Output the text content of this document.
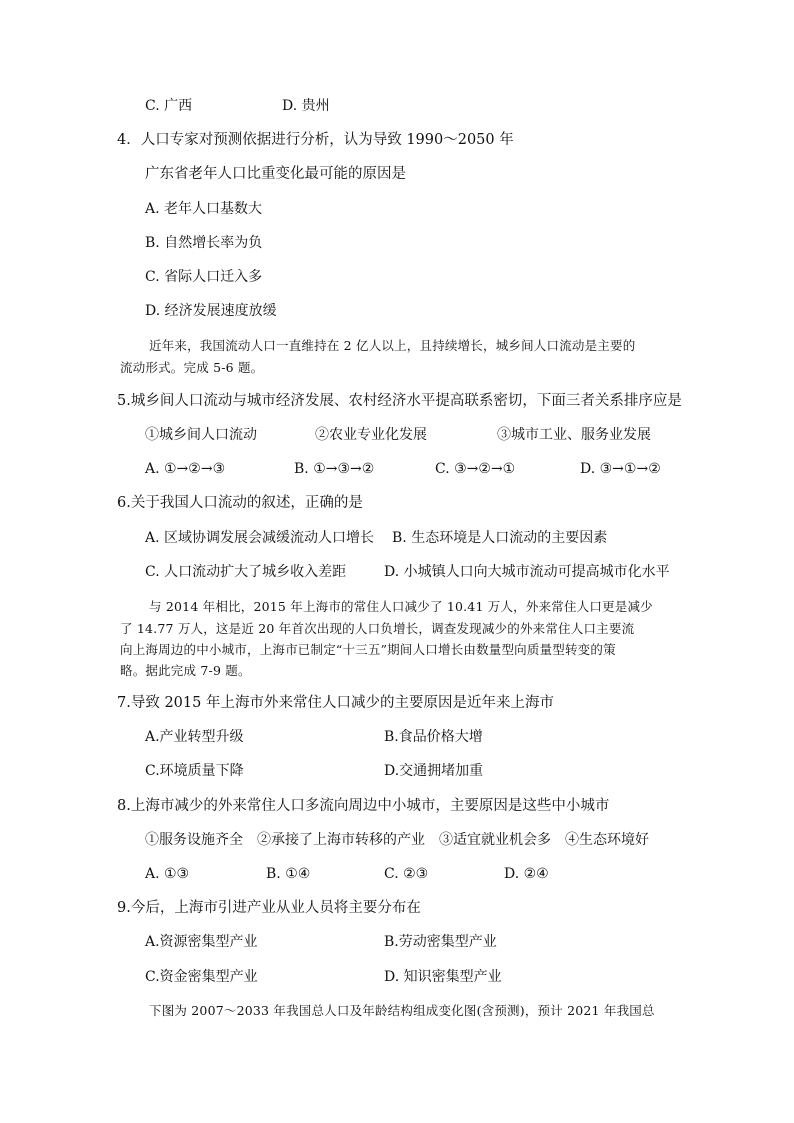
C. 广西	D. 贵州
4．人口专家对预测依据进行分析，认为导致 1990～2050 年
广东省老年人口比重变化最可能的原因是
A. 老年人口基数大
B. 自然增长率为负
C. 省际人口迁入多
D. 经济发展速度放缓
近年来，我国流动人口一直维持在 2 亿人以上，且持续增长，城乡间人口流动是主要的
流动形式。完成 5-6 题。
5.城乡间人口流动与城市经济发展、农村经济水平提高联系密切，下面三者关系排序应是
①城乡间人口流动	②农业专业化发展	③城市工业、服务业发展
A. ①→②→③	B. ①→③→②	C. ③→②→①	D. ③→①→②
6.关于我国人口流动的叙述，正确的是
A. 区域协调发展会减缓流动人口增长 B. 生态环境是人口流动的主要因素
C. 人口流动扩大了城乡收入差距	D. 小城镇人口向大城市流动可提高城市化水平
与 2014 年相比，2015 年上海市的常住人口减少了 10.41 万人，外来常住人口更是减少
了 14.77 万人，这是近 20 年首次出现的人口负增长，调查发现减少的外来常住人口主要流
向上海周边的中小城市，上海市已制定“十三五”期间人口增长由数量型向质量型转变的策
略。据此完成 7-9 题。
7.导致 2015 年上海市外来常住人口减少的主要原因是近年来上海市
A.产业转型升级	B.食品价格大增
C.环境质量下降	D.交通拥堵加重
8.上海市减少的外来常住人口多流向周边中小城市，主要原因是这些中小城市
①服务设施齐全　②承接了上海市转移的产业　③适宜就业机会多　④生态环境好
A. ①③	B. ①④	C. ②③	D. ②④
9.今后，上海市引进产业从业人员将主要分布在
A.资源密集型产业	B.劳动密集型产业
C.资金密集型产业	D. 知识密集型产业
下图为 2007～2033 年我国总人口及年龄结构组成变化图(含预测)，预计 2021 年我国总
